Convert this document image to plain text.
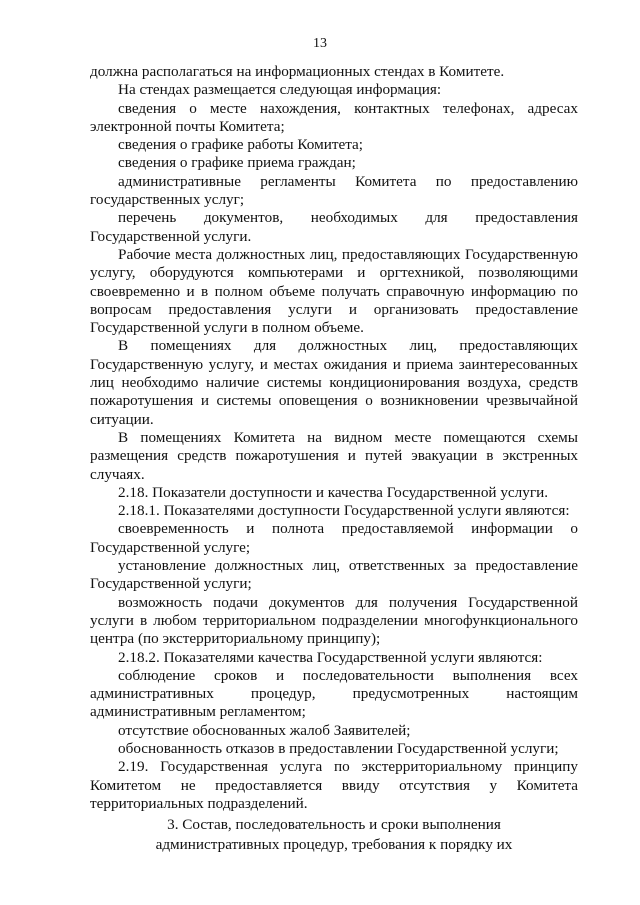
13

должна располагаться на информационных стендах в Комитете.

На стендах размещается следующая информация:

сведения о месте нахождения, контактных телефонах, адресах электронной почты Комитета;

сведения о графике работы Комитета;

сведения о графике приема граждан;

административные регламенты Комитета по предоставлению государственных услуг;

перечень документов, необходимых для предоставления Государственной услуги.

Рабочие места должностных лиц, предоставляющих Государственную услугу, оборудуются компьютерами и оргтехникой, позволяющими своевременно и в полном объеме получать справочную информацию по вопросам предоставления услуги и организовать предоставление Государственной услуги в полном объеме.

В помещениях для должностных лиц, предоставляющих Государственную услугу, и местах ожидания и приема заинтересованных лиц необходимо наличие системы кондиционирования воздуха, средств пожаротушения и системы оповещения о возникновении чрезвычайной ситуации.

В помещениях Комитета на видном месте помещаются схемы размещения средств пожаротушения и путей эвакуации в экстренных случаях.

2.18. Показатели доступности и качества Государственной услуги.

2.18.1. Показателями доступности Государственной услуги являются:

своевременность и полнота предоставляемой информации о Государственной услуге;

установление должностных лиц, ответственных за предоставление Государственной услуги;

возможность подачи документов для получения Государственной услуги в любом территориальном подразделении многофункционального центра (по экстерриториальному принципу);

2.18.2. Показателями качества Государственной услуги являются:

соблюдение сроков и последовательности выполнения всех административных процедур, предусмотренных настоящим административным регламентом;

отсутствие обоснованных жалоб Заявителей;

обоснованность отказов в предоставлении Государственной услуги;

2.19. Государственная услуга по экстерриториальному принципу Комитетом не предоставляется ввиду отсутствия у Комитета территориальных подразделений.

3. Состав, последовательность и сроки выполнения
административных процедур, требования к порядку их
